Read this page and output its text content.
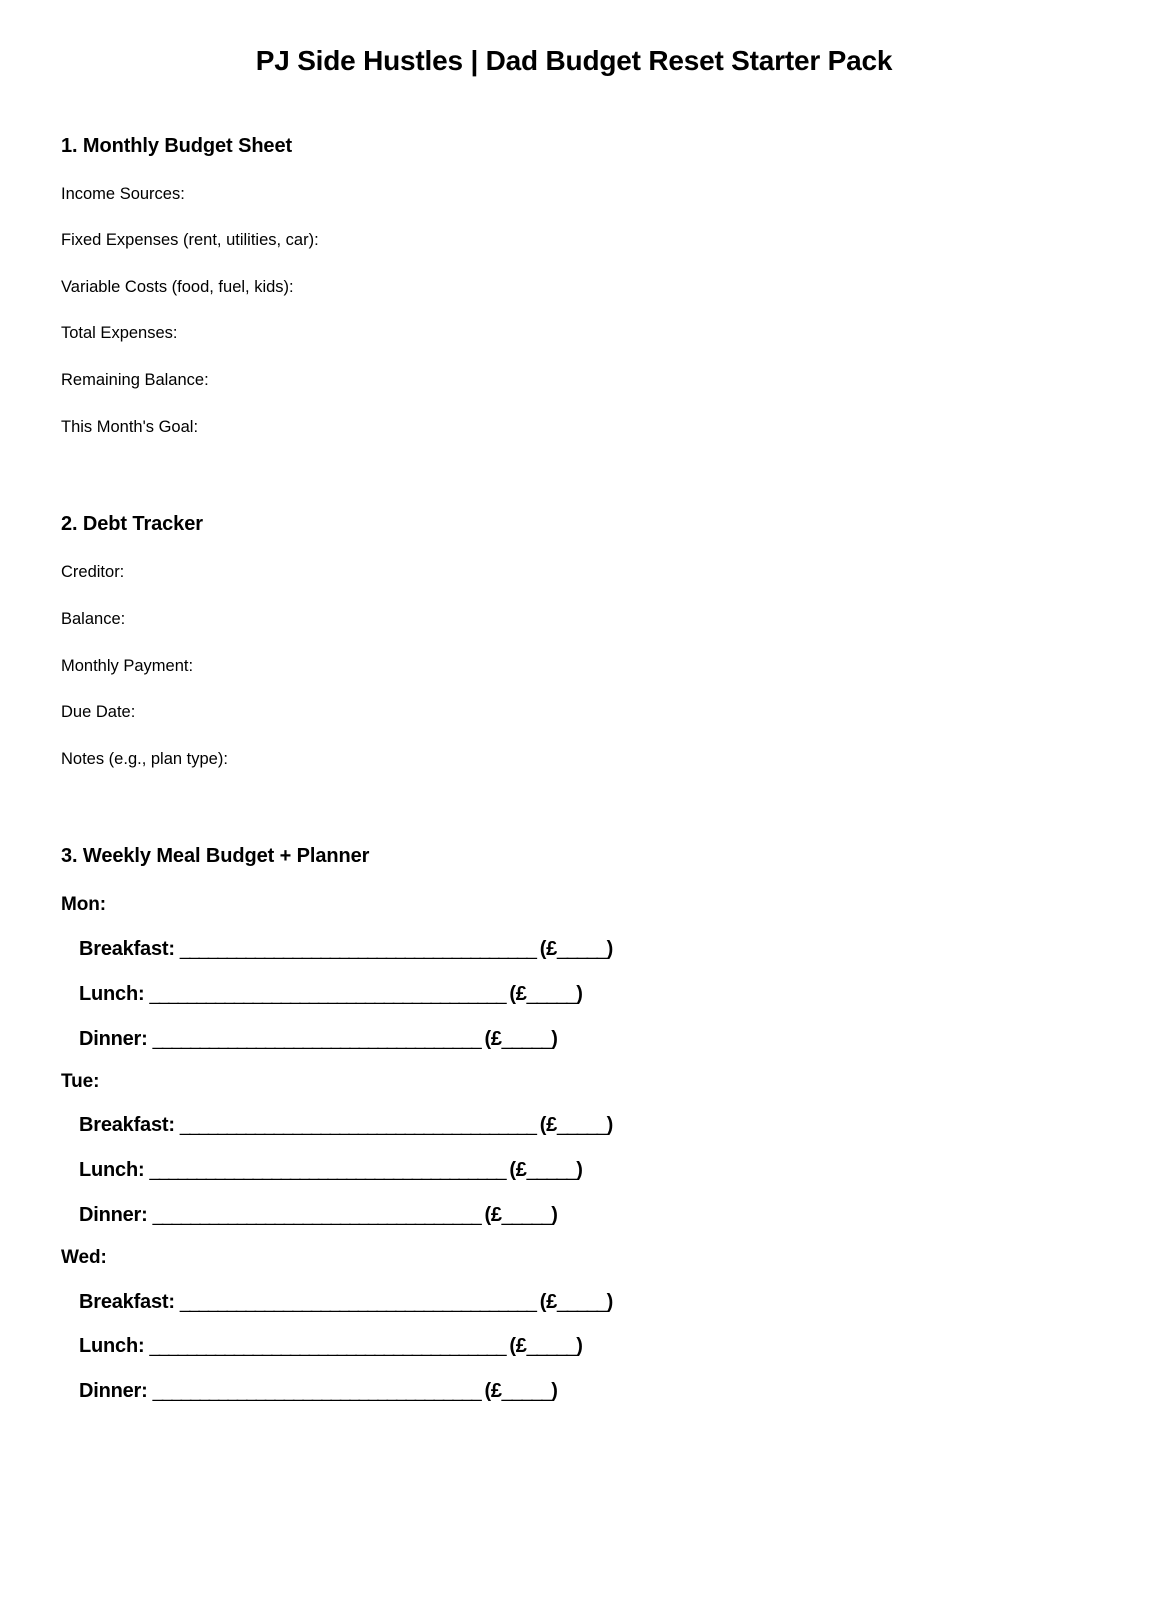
PJ Side Hustles | Dad Budget Reset Starter Pack
1. Monthly Budget Sheet

Income Sources:

Fixed Expenses (rent, utilities, car):

Variable Costs (food, fuel, kids):

Total Expenses:

Remaining Balance:

This Month's Goal:

2. Debt Tracker

Creditor:

Balance:

Monthly Payment:

Due Date:

Notes (e.g., plan type):

3. Weekly Meal Budget + Planner

Mon:

Breakfast: ______________________________________ (£_____)
Lunch: ______________________________________ (£_____)
Dinner: ___________________________________ (£_____)

Tue:

Breakfast: ______________________________________ (£_____)
Lunch: ______________________________________ (£_____)
Dinner: ___________________________________ (£_____)

Wed:

Breakfast: ______________________________________ (£_____)
Lunch: ______________________________________ (£_____)
Dinner: ___________________________________ (£_____)
